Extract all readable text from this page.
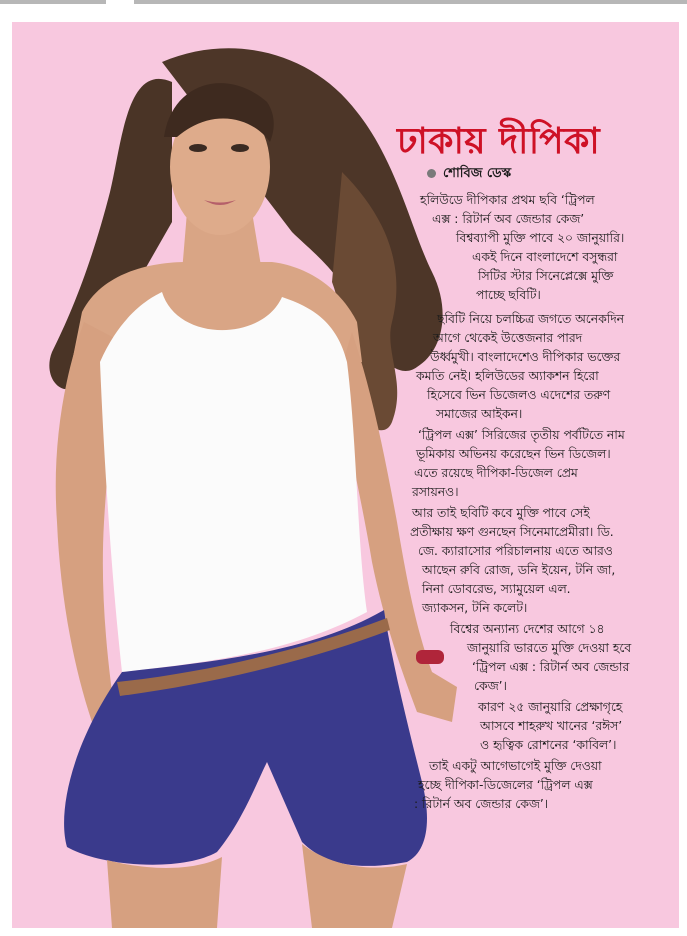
ঢাকায় দীপিকা
শোবিজ ডেস্ক
হলিউডে দীপিকার প্রথম ছবি ‘ট্রিপল
এক্স : রিটার্ন অব জেন্ডার কেজ’
বিশ্বব্যাপী মুক্তি পাবে ২০ জানুয়ারি।
একই দিনে বাংলাদেশে বসুন্ধরা
সিটির স্টার সিনেপ্লেক্সে মুক্তি
পাচ্ছে ছবিটি।
ছবিটি নিয়ে চলচ্চিত্র জগতে অনেকদিন
আগে থেকেই উত্তেজনার পারদ
উর্ধ্বমুখী। বাংলাদেশেও দীপিকার ভক্তের
কমতি নেই। হলিউডের অ্যাকশন হিরো
হিসেবে ভিন ডিজেলও এদেশের তরুণ
সমাজের আইকন।
‘ট্রিপল এক্স’ সিরিজের তৃতীয় পর্বটিতে নাম
ভূমিকায় অভিনয় করেছেন ভিন ডিজেল।
এতে রয়েছে দীপিকা-ডিজেল প্রেম
রসায়নও।
আর তাই ছবিটি কবে মুক্তি পাবে সেই
প্রতীক্ষায় ক্ষণ গুনছেন সিনেমাপ্রেমীরা। ডি.
জে. ক্যারাসোর পরিচালনায় এতে আরও
আছেন রুবি রোজ, ডনি ইয়েন, টনি জা,
নিনা ডোবরেভ, স্যামুয়েল এল.
জ্যাকসন, টনি কলেট।
বিশ্বের অন্যান্য দেশের আগে ১৪
জানুয়ারি ভারতে মুক্তি দেওয়া হবে
‘ট্রিপল এক্স : রিটার্ন অব জেন্ডার
কেজ’।
কারণ ২৫ জানুয়ারি প্রেক্ষাগৃহে
আসবে শাহরুখ খানের ‘রঈস’
ও হৃত্বিক রোশনের ‘কাবিল’।
তাই একটু আগেভাগেই মুক্তি দেওয়া
হচ্ছে দীপিকা-ডিজেলের ‘ট্রিপল এক্স
: রিটার্ন অব জেন্ডার কেজ’।
